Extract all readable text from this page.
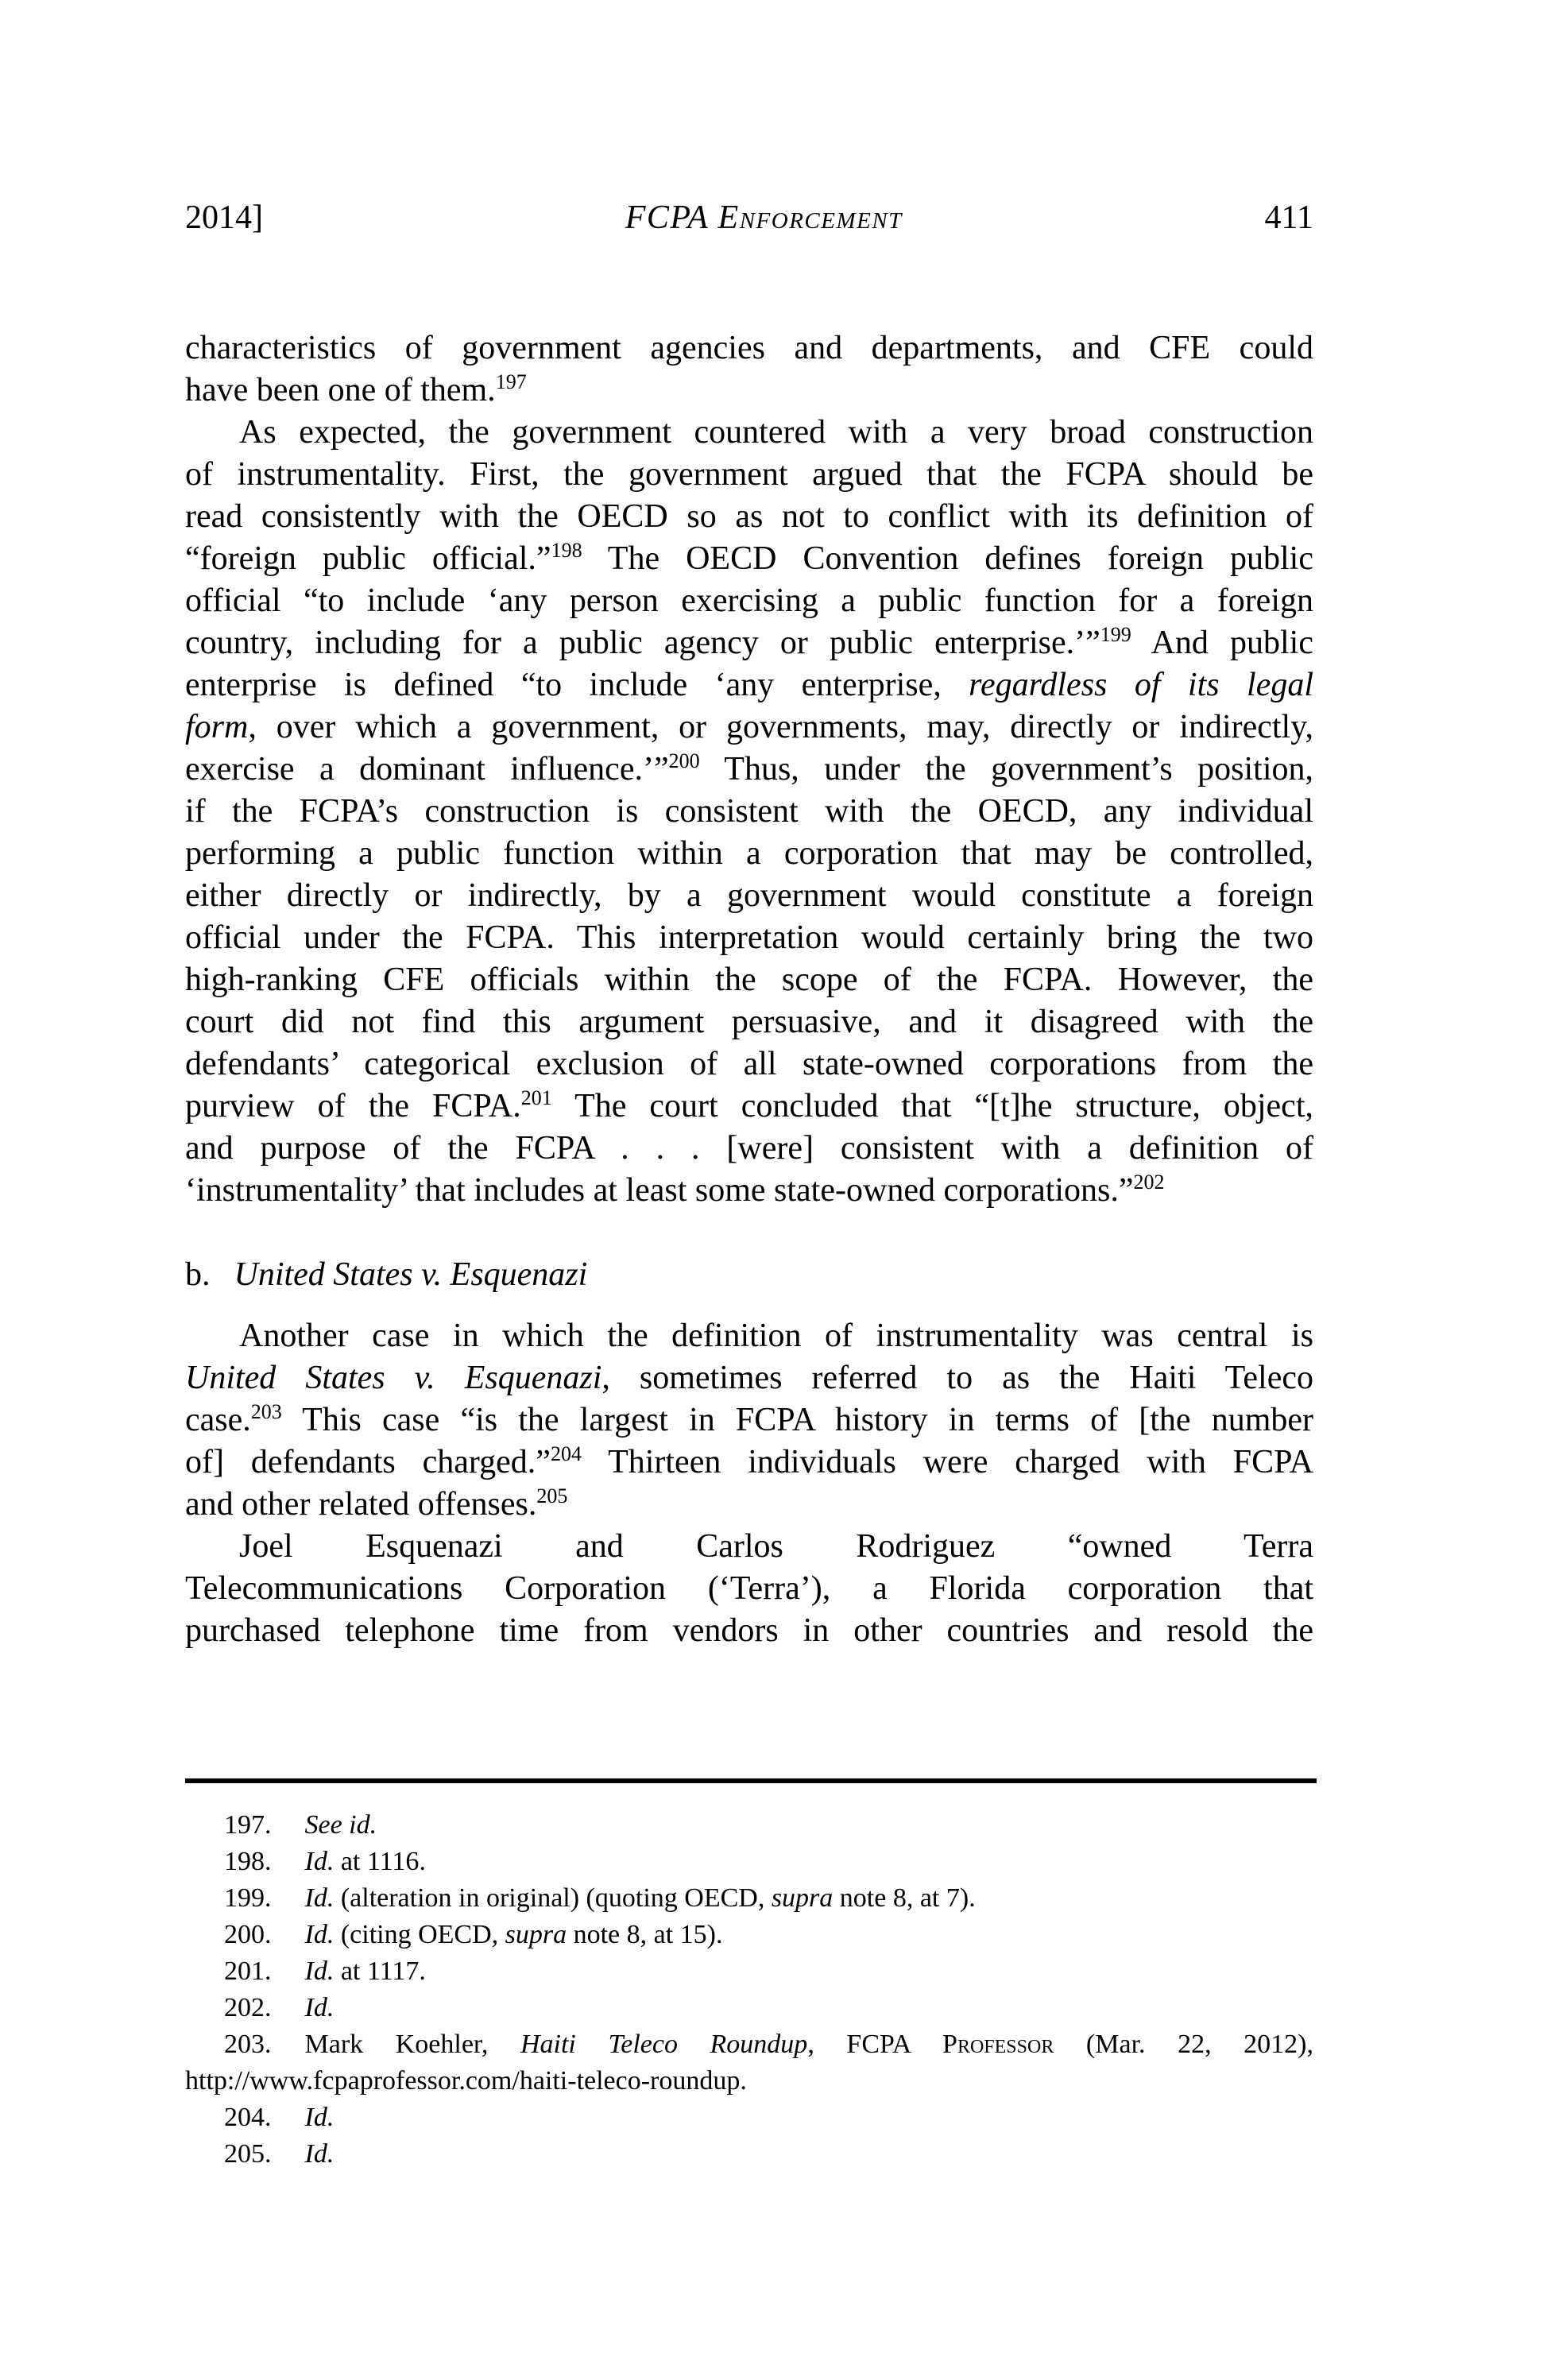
2014]	FCPA Enforcement	411
characteristics of government agencies and departments, and CFE could
have been one of them.$^{197}$
As expected, the government countered with a very broad construction
of instrumentality. First, the government argued that the FCPA should be
read consistently with the OECD so as not to conflict with its definition of
“foreign public official.”$^{198}$ The OECD Convention defines foreign public
official “to include ‘any person exercising a public function for a foreign
country, including for a public agency or public enterprise.’”$^{199}$ And public
enterprise is defined “to include ‘any enterprise, regardless of its legal
form, over which a government, or governments, may, directly or indirectly,
exercise a dominant influence.’”$^{200}$ Thus, under the government’s position,
if the FCPA’s construction is consistent with the OECD, any individual
performing a public function within a corporation that may be controlled,
either directly or indirectly, by a government would constitute a foreign
official under the FCPA. This interpretation would certainly bring the two
high-ranking CFE officials within the scope of the FCPA. However, the
court did not find this argument persuasive, and it disagreed with the
defendants’ categorical exclusion of all state-owned corporations from the
purview of the FCPA.$^{201}$ The court concluded that “[t]he structure, object,
and purpose of the FCPA . . . [were] consistent with a definition of
‘instrumentality’ that includes at least some state-owned corporations.”$^{202}$
b. United States v. Esquenazi
Another case in which the definition of instrumentality was central is
United States v. Esquenazi, sometimes referred to as the Haiti Teleco
case.$^{203}$ This case “is the largest in FCPA history in terms of [the number
of] defendants charged.”$^{204}$ Thirteen individuals were charged with FCPA
and other related offenses.$^{205}$
Joel Esquenazi and Carlos Rodriguez “owned Terra
Telecommunications Corporation (‘Terra’), a Florida corporation that
purchased telephone time from vendors in other countries and resold the
197. See id.
198. Id. at 1116.
199. Id. (alteration in original) (quoting OECD, supra note 8, at 7).
200. Id. (citing OECD, supra note 8, at 15).
201. Id. at 1117.
202. Id.
203. Mark Koehler, Haiti Teleco Roundup, FCPA Professor (Mar. 22, 2012),
http://www.fcpaprofessor.com/haiti-teleco-roundup.
204. Id.
205. Id.
